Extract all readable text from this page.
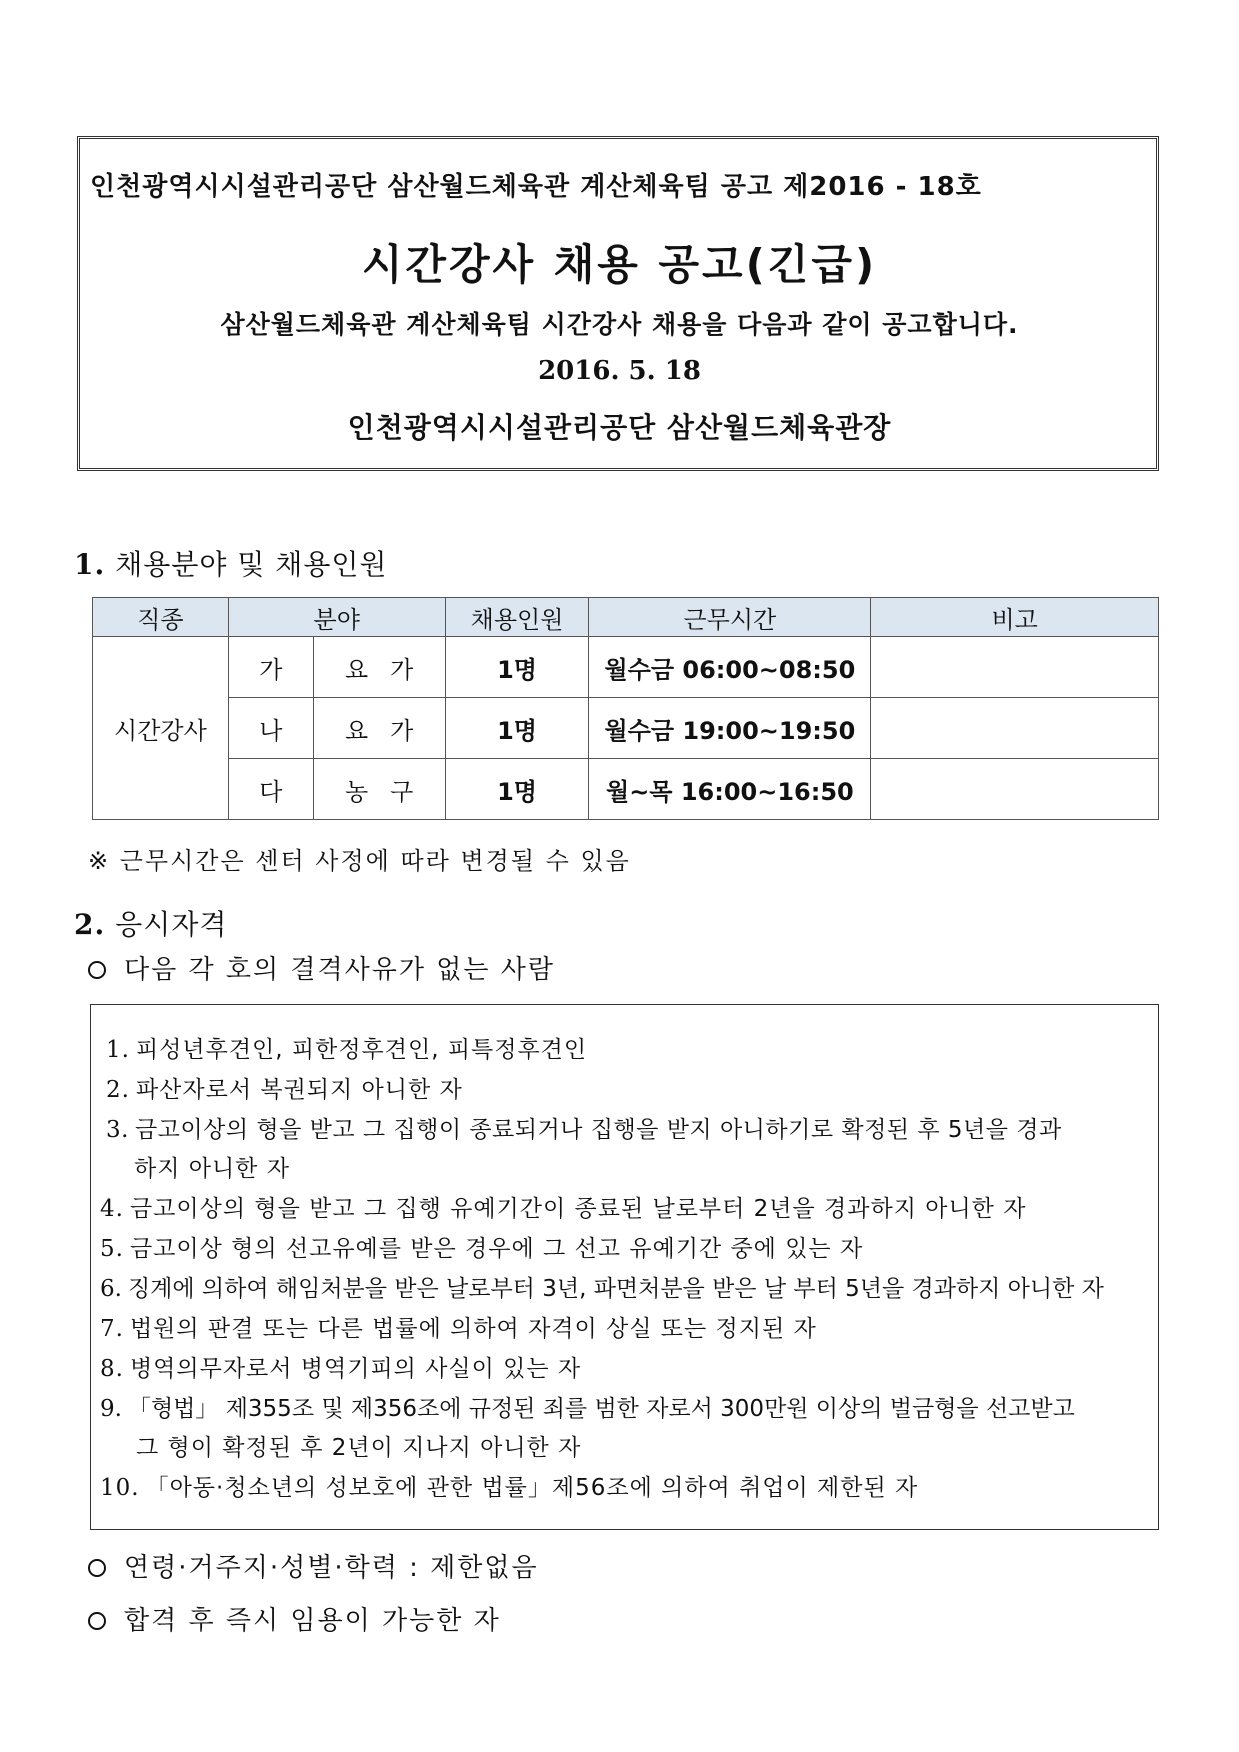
인천광역시시설관리공단 삼산월드체육관 계산체육팀 공고 제2016 - 18호
시간강사 채용 공고(긴급)
삼산월드체육관 계산체육팀 시간강사 채용을 다음과 같이 공고합니다.
2016. 5. 18
인천광역시시설관리공단 삼산월드체육관장
1. 채용분야 및 채용인원
직종	분야		채용인원	근무시간	비고
시간강사	가	요가	1명	월수금 06:00~08:50	
	나	요가	1명	월수금 19:00~19:50	
	다	농구	1명	월~목 16:00~16:50	
※ 근무시간은 센터 사정에 따라 변경될 수 있음
2. 응시자격
다음 각 호의 결격사유가 없는 사람
1. 피성년후견인, 피한정후견인, 피특정후견인
2. 파산자로서 복권되지 아니한 자
3. 금고이상의 형을 받고 그 집행이 종료되거나 집행을 받지 아니하기로 확정된 후 5년을 경과
하지 아니한 자
4. 금고이상의 형을 받고 그 집행 유예기간이 종료된 날로부터 2년을 경과하지 아니한 자
5. 금고이상 형의 선고유예를 받은 경우에 그 선고 유예기간 중에 있는 자
6. 징계에 의하여 해임처분을 받은 날로부터 3년, 파면처분을 받은 날 부터 5년을 경과하지 아니한 자
7. 법원의 판결 또는 다른 법률에 의하여 자격이 상실 또는 정지된 자
8. 병역의무자로서 병역기피의 사실이 있는 자
9. 「형법」 제355조 및 제356조에 규정된 죄를 범한 자로서 300만원 이상의 벌금형을 선고받고
그 형이 확정된 후 2년이 지나지 아니한 자
10. 「아동·청소년의 성보호에 관한 법률」제56조에 의하여 취업이 제한된 자
연령·거주지·성별·학력 : 제한없음
합격 후 즉시 임용이 가능한 자
